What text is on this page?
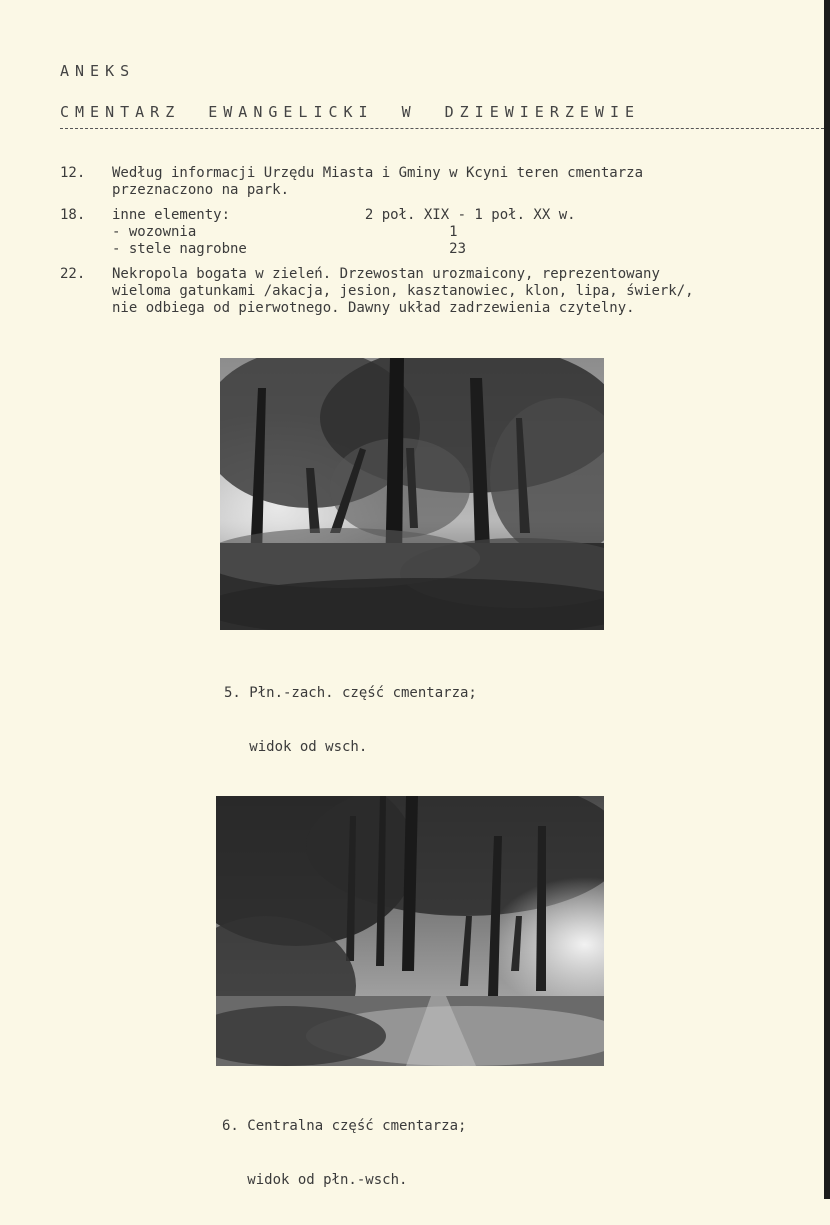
ANEKS
CMENTARZ EWANGELICKI W DZIEWIERZEWIE
12.	Według informacji Urzędu Miasta i Gminy w Kcyni teren cmentarza
przeznaczono na park.
18.	inne elementy:                2 poł. XIX - 1 poł. XX w.
- wozownia                              1
- stele nagrobne                        23
22.	Nekropola bogata w zieleń. Drzewostan urozmaicony, reprezentowany
wieloma gatunkami /akacja, jesion, kasztanowiec, klon, lipa, świerk/,
nie odbiega od pierwotnego. Dawny układ zadrzewienia czytelny.

5. Płn.-zach. część cmentarza;

widok od wsch.

6. Centralna część cmentarza;

widok od płn.-wsch.
